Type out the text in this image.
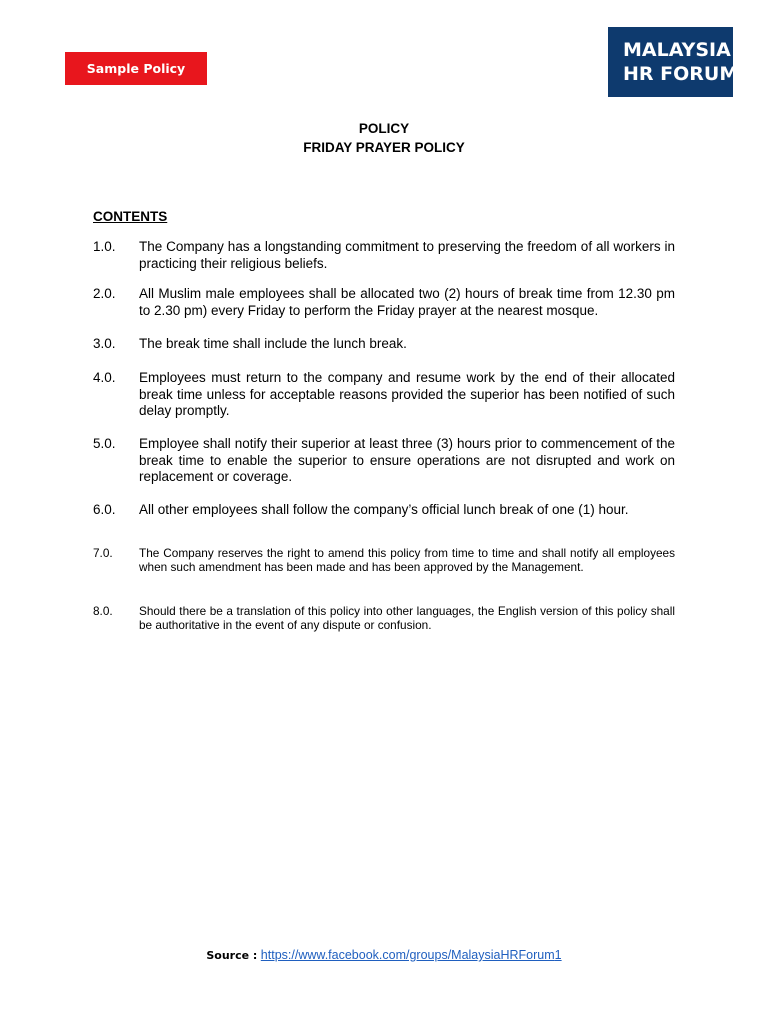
Sample Policy
MALAYSIA
HR FORUM
POLICY
FRIDAY PRAYER POLICY
CONTENTS
1.0. The Company has a longstanding commitment to preserving the freedom of all workers in practicing their religious beliefs.
2.0. All Muslim male employees shall be allocated two (2) hours of break time from 12.30 pm to 2.30 pm) every Friday to perform the Friday prayer at the nearest mosque.
3.0. The break time shall include the lunch break.
4.0. Employees must return to the company and resume work by the end of their allocated break time unless for acceptable reasons provided the superior has been notified of such delay promptly.
5.0. Employee shall notify their superior at least three (3) hours prior to commencement of the break time to enable the superior to ensure operations are not disrupted and work on replacement or coverage.
6.0. All other employees shall follow the company’s official lunch break of one (1) hour.
7.0. The Company reserves the right to amend this policy from time to time and shall notify all employees when such amendment has been made and has been approved by the Management.
8.0. Should there be a translation of this policy into other languages, the English version of this policy shall be authoritative in the event of any dispute or confusion.
Source : https://www.facebook.com/groups/MalaysiaHRForum1
